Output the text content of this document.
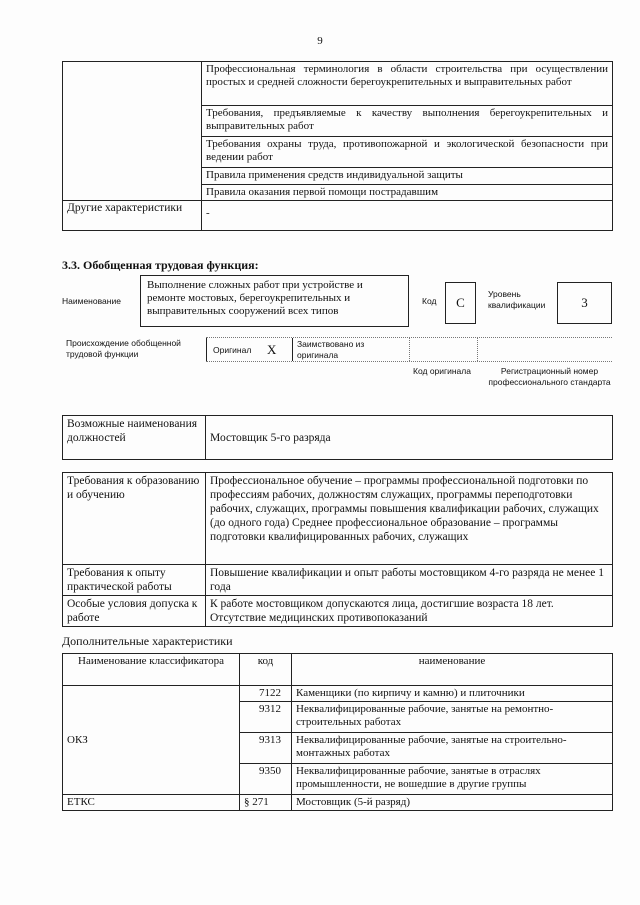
9
	Профессиональная терминология в области строительства при осуществлении простых и средней сложности берегоукрепительных и выправительных работ
	Требования, предъявляемые к качеству выполнения берегоукрепительных и выправительных работ
	Требования охраны труда, противопожарной и экологической безопасности при ведении работ
	Правила применения средств индивидуальной защиты
	Правила оказания первой помощи пострадавшим
Другие характеристики	-
3.3. Обобщенная трудовая функция:
Наименование
Выполнение сложных работ при устройстве и ремонте мостовых, берегоукрепительных и выправительных сооружений всех типов
Код	C
Уровень квалификации	3
Происхождение обобщенной трудовой функции	Оригинал X Заимствовано из оригинала
Код оригинала	Регистрационный номер профессионального стандарта
Возможные наименования должностей	Мостовщик 5-го разряда
Требования к образованию и обучению	Профессиональное обучение – программы профессиональной подготовки по профессиям рабочих, должностям служащих, программы переподготовки рабочих, служащих, программы повышения квалификации рабочих, служащих (до одного года) Среднее профессиональное образование – программы подготовки квалифицированных рабочих, служащих
Требования к опыту практической работы	Повышение квалификации и опыт работы мостовщиком 4-го разряда не менее 1 года
Особые условия допуска к работе	К работе мостовщиком допускаются лица, достигшие возраста 18 лет. Отсутствие медицинских противопоказаний
Дополнительные характеристики
Наименование классификатора	код	наименование
ОКЗ	7122	Каменщики (по кирпичу и камню) и плиточники
	9312	Неквалифицированные рабочие, занятые на ремонтно-строительных работах
	9313	Неквалифицированные рабочие, занятые на строительно-монтажных работах
	9350	Неквалифицированные рабочие, занятые в отраслях промышленности, не вошедшие в другие группы
ЕТКС	§ 271	Мостовщик (5-й разряд)
